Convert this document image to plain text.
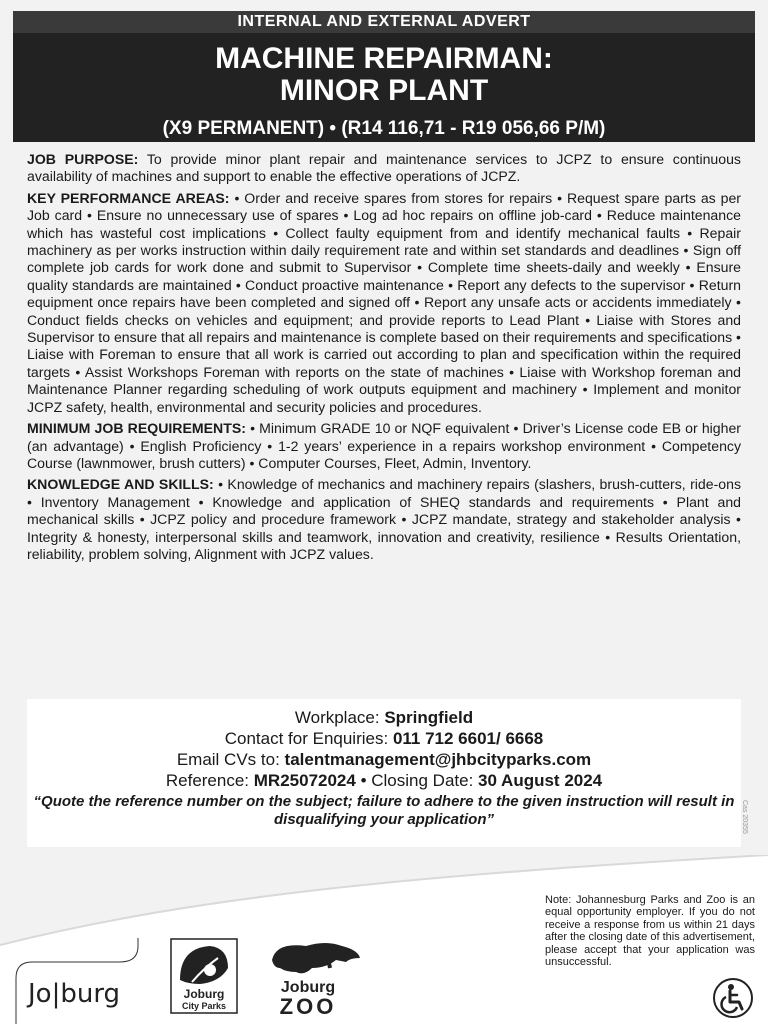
INTERNAL AND EXTERNAL ADVERT
MACHINE REPAIRMAN:
MINOR PLANT
(X9 PERMANENT) • (R14 116,71 - R19 056,66 P/M)

JOB PURPOSE: To provide minor plant repair and maintenance services to JCPZ to ensure continuous availability of machines and support to enable the effective operations of JCPZ.

KEY PERFORMANCE AREAS: • Order and receive spares from stores for repairs • Request spare parts as per Job card • Ensure no unnecessary use of spares • Log ad hoc repairs on offline job-card • Reduce maintenance which has wasteful cost implications • Collect faulty equipment from and identify mechanical faults • Repair machinery as per works instruction within daily requirement rate and within set standards and deadlines • Sign off complete job cards for work done and submit to Supervisor • Complete time sheets-daily and weekly • Ensure quality standards are maintained • Conduct proactive maintenance • Report any defects to the supervisor • Return equipment once repairs have been completed and signed off • Report any unsafe acts or accidents immediately • Conduct fields checks on vehicles and equipment; and provide reports to Lead Plant • Liaise with Stores and Supervisor to ensure that all repairs and maintenance is complete based on their requirements and specifications • Liaise with Foreman to ensure that all work is carried out according to plan and specification within the required targets • Assist Workshops Foreman with reports on the state of machines • Liaise with Workshop foreman and Maintenance Planner regarding scheduling of work outputs equipment and machinery • Implement and monitor JCPZ safety, health, environmental and security policies and procedures.

MINIMUM JOB REQUIREMENTS: • Minimum GRADE 10 or NQF equivalent • Driver’s License code EB or higher (an advantage) • English Proficiency • 1-2 years’ experience in a repairs workshop environment • Competency Course (lawnmower, brush cutters) • Computer Courses, Fleet, Admin, Inventory.

KNOWLEDGE AND SKILLS: • Knowledge of mechanics and machinery repairs (slashers, brush-cutters, ride-ons • Inventory Management • Knowledge and application of SHEQ standards and requirements • Plant and mechanical skills • JCPZ policy and procedure framework • JCPZ mandate, strategy and stakeholder analysis • Integrity & honesty, interpersonal skills and teamwork, innovation and creativity, resilience • Results Orientation, reliability, problem solving, Alignment with JCPZ values.

Workplace: Springfield
Contact for Enquiries: 011 712 6601/ 6668
Email CVs to: talentmanagement@jhbcityparks.com
Reference: MR25072024 • Closing Date: 30 August 2024
“Quote the reference number on the subject; failure to adhere to the given instruction will result in disqualifying your application”	Cas 20355
Jo|burg	Joburg
City Parks
Joburg
ZOO
Note: Johannesburg Parks and Zoo is an equal opportunity employer. If you do not receive a response from us within 21 days after the closing date of this advertisement, please accept that your application was unsuccessful.
